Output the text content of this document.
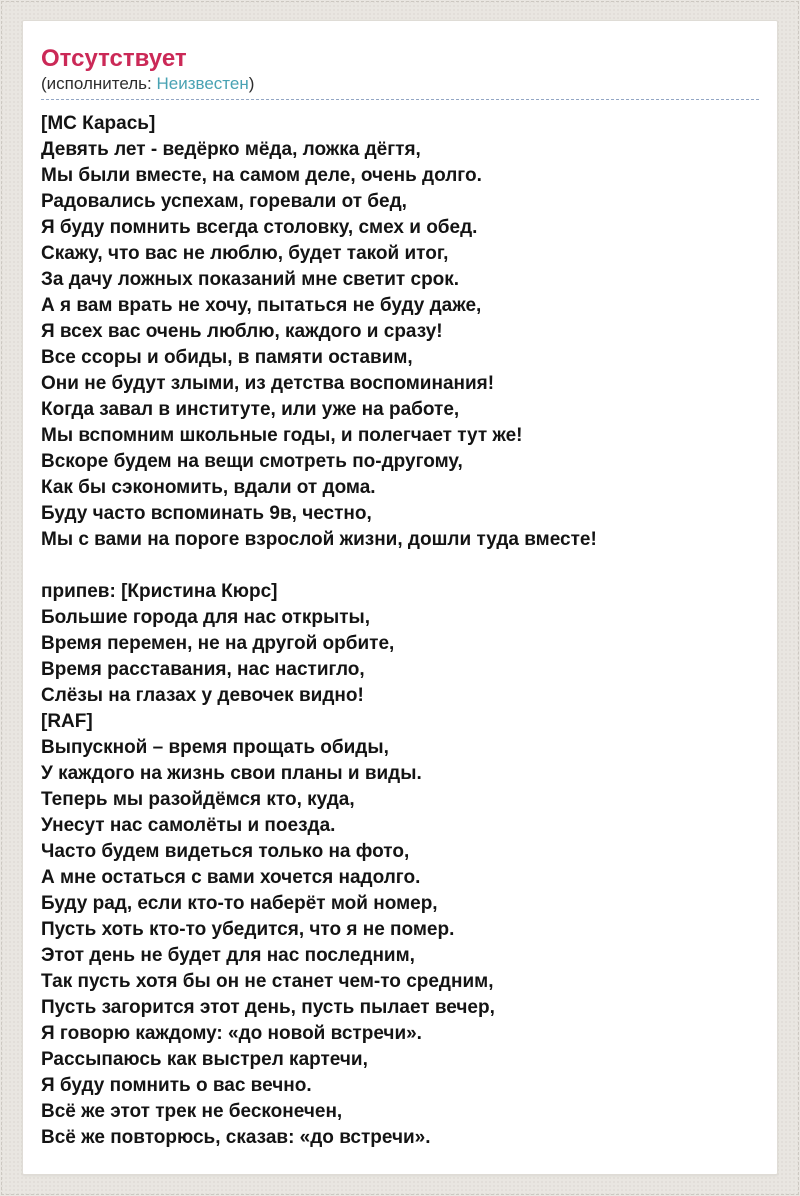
Отсутствует
(исполнитель: Неизвестен)
[MC Карась]
Девять лет - ведёрко мёда, ложка дёгтя,
Мы были вместе, на самом деле, очень долго.
Радовались успехам, горевали от бед,
Я буду помнить всегда столовку, смех и обед.
Скажу, что вас не люблю, будет такой итог,
За дачу ложных показаний мне светит срок.
А я вам врать не хочу, пытаться не буду даже,
Я всех вас очень люблю, каждого и сразу!
Все ссоры и обиды, в памяти оставим,
Они не будут злыми, из детства воспоминания!
Когда завал в институте, или уже на работе,
Мы вспомним школьные годы, и полегчает тут же!
Вскоре будем на вещи смотреть по-другому,
Как бы сэкономить, вдали от дома.
Буду часто вспоминать 9в, честно,
Мы с вами на пороге взрослой жизни, дошли туда вместе!

припев: [Кристина Кюрс]
Большие города для нас открыты,
Время перемен, не на другой орбите,
Время расставания, нас настигло,
Слёзы на глазах у девочек видно!
[RAF]
Выпускной – время прощать обиды,
У каждого на жизнь свои планы и виды.
Теперь мы разойдёмся кто, куда,
Унесут нас самолёты и поезда.
Часто будем видеться только на фото,
А мне остаться с вами хочется надолго.
Буду рад, если кто-то наберёт мой номер,
Пусть хоть кто-то убедится, что я не помер.
Этот день не будет для нас последним,
Так пусть хотя бы он не станет чем-то средним,
Пусть загорится этот день, пусть пылает вечер,
Я говорю каждому: «до новой встречи».
Рассыпаюсь как выстрел картечи,
Я буду помнить о вас вечно.
Всё же этот трек не бесконечен,
Всё же повторюсь, сказав: «до встречи».
